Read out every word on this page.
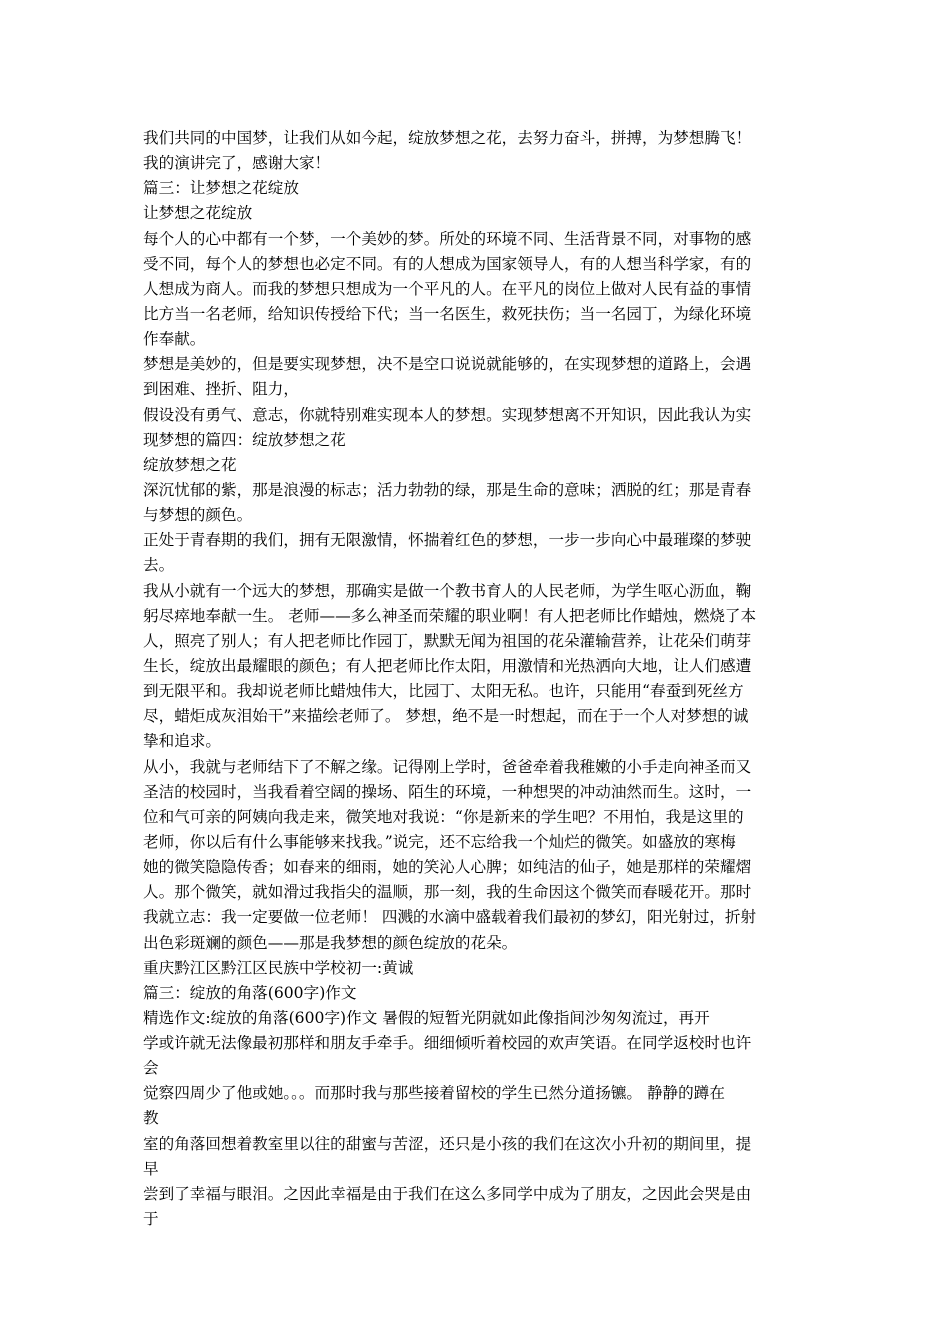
我们共同的中国梦，让我们从如今起，绽放梦想之花，去努力奋斗，拼搏，为梦想腾飞！
我的演讲完了，感谢大家！
篇三：让梦想之花绽放
让梦想之花绽放
每个人的心中都有一个梦，一个美妙的梦。所处的环境不同、生活背景不同，对事物的感
受不同，每个人的梦想也必定不同。有的人想成为国家领导人，有的人想当科学家，有的
人想成为商人。而我的梦想只想成为一个平凡的人。在平凡的岗位上做对人民有益的事情
比方当一名老师，给知识传授给下代；当一名医生，救死扶伤；当一名园丁，为绿化环境
作奉献。
梦想是美妙的，但是要实现梦想，决不是空口说说就能够的，在实现梦想的道路上，会遇
到困难、挫折、阻力，
假设没有勇气、意志，你就特别难实现本人的梦想。实现梦想离不开知识，因此我认为实
现梦想的篇四：绽放梦想之花
绽放梦想之花
深沉忧郁的紫，那是浪漫的标志；活力勃勃的绿，那是生命的意味；洒脱的红；那是青春
与梦想的颜色。
正处于青春期的我们，拥有无限激情，怀揣着红色的梦想，一步一步向心中最璀璨的梦驶
去。
我从小就有一个远大的梦想，那确实是做一个教书育人的人民老师，为学生呕心沥血，鞠
躬尽瘁地奉献一生。 老师——多么神圣而荣耀的职业啊！有人把老师比作蜡烛，燃烧了本
人，照亮了别人；有人把老师比作园丁，默默无闻为祖国的花朵灌输营养，让花朵们萌芽
生长，绽放出最耀眼的颜色；有人把老师比作太阳，用激情和光热洒向大地，让人们感遭
到无限平和。我却说老师比蜡烛伟大，比园丁、太阳无私。也许，只能用“春蚕到死丝方
尽，蜡炬成灰泪始干”来描绘老师了。 梦想，绝不是一时想起，而在于一个人对梦想的诚
挚和追求。
从小，我就与老师结下了不解之缘。记得刚上学时，爸爸牵着我稚嫩的小手走向神圣而又
圣洁的校园时，当我看着空阔的操场、陌生的环境，一种想哭的冲动油然而生。这时，一
位和气可亲的阿姨向我走来，微笑地对我说：“你是新来的学生吧？不用怕，我是这里的
老师，你以后有什么事能够来找我。”说完，还不忘给我一个灿烂的微笑。如盛放的寒梅
她的微笑隐隐传香；如春来的细雨，她的笑沁人心脾；如纯洁的仙子，她是那样的荣耀熠
人。那个微笑，就如滑过我指尖的温顺，那一刻，我的生命因这个微笑而春暖花开。那时
我就立志：我一定要做一位老师！ 四溅的水滴中盛载着我们最初的梦幻，阳光射过，折射
出色彩斑斓的颜色——那是我梦想的颜色绽放的花朵。
重庆黔江区黔江区民族中学校初一:黄诚
篇三：绽放的角落(600字)作文
精选作文:绽放的角落(600字)作文 暑假的短暂光阴就如此像指间沙匆匆流过，再开
学或许就无法像最初那样和朋友手牵手。细细倾听着校园的欢声笑语。在同学返校时也许
会
觉察四周少了他或她。。。而那时我与那些接着留校的学生已然分道扬镳。 静静的蹲在
教
室的角落回想着教室里以往的甜蜜与苦涩，还只是小孩的我们在这次小升初的期间里，提
早
尝到了幸福与眼泪。之因此幸福是由于我们在这么多同学中成为了朋友，之因此会哭是由
于
